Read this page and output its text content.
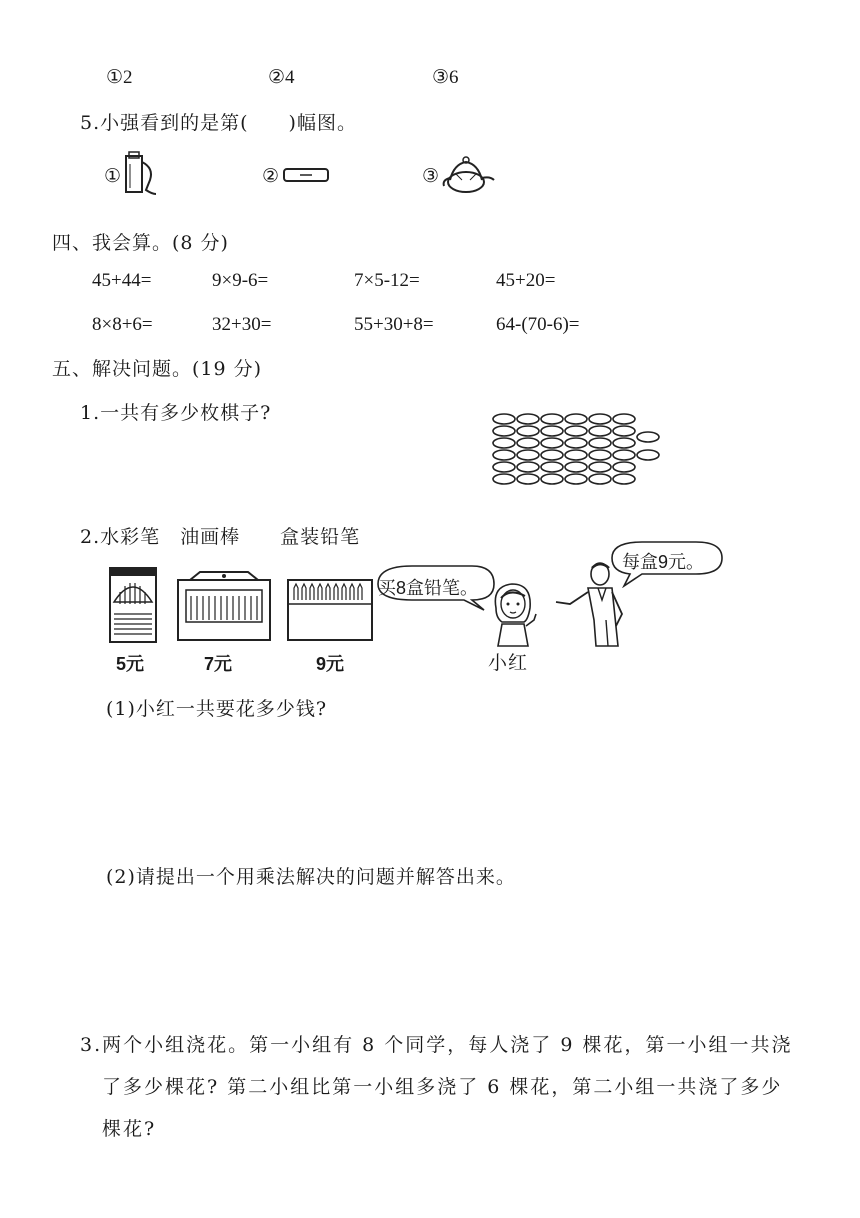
①2	②4	③6
5.小强看到的是第(　　)幅图。
①	②	③
四、我会算。(8 分)
45+44=	9×9-6=	7×5-12=	45+20=
8×8+6=	32+30=	55+30+8=	64-(70-6)=
五、解决问题。(19 分)
1.一共有多少枚棋子?
2.水彩笔　油画棒　　盒装铅笔
5元	7元	9元
买8盒铅笔。
小红
每盒9元。
(1)小红一共要花多少钱?
(2)请提出一个用乘法解决的问题并解答出来。
3.两个小组浇花。第一小组有 8 个同学，每人浇了 9 棵花，第一小组一共浇
了多少棵花? 第二小组比第一小组多浇了 6 棵花，第二小组一共浇了多少
棵花?
